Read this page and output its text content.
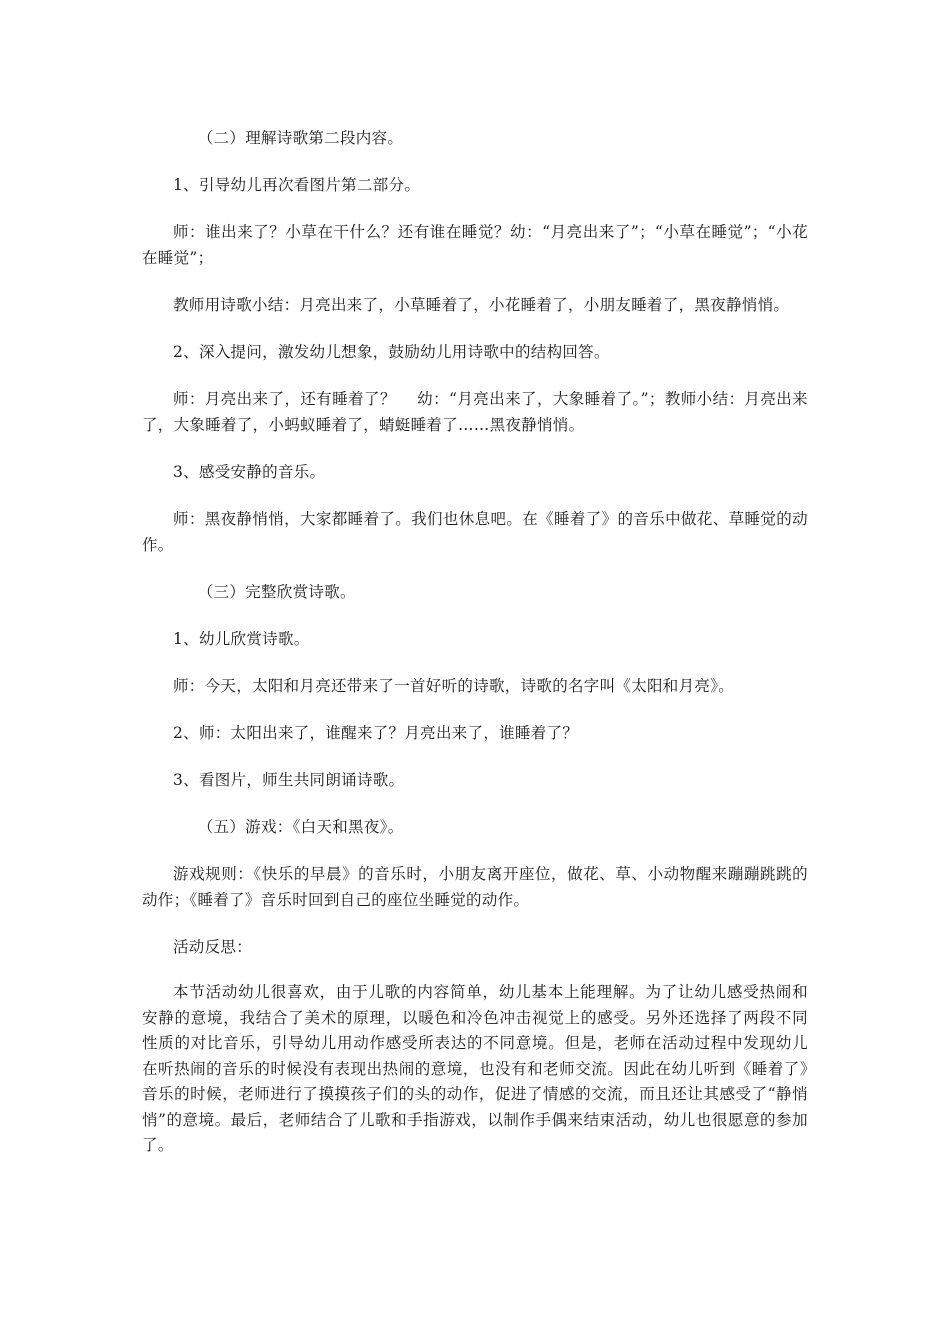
（二）理解诗歌第二段内容。

1、引导幼儿再次看图片第二部分。

师：谁出来了？小草在干什么？还有谁在睡觉？幼：“月亮出来了”；“小草在睡觉”；“小花在睡觉”；

教师用诗歌小结：月亮出来了，小草睡着了，小花睡着了，小朋友睡着了，黑夜静悄悄。

2、深入提问，激发幼儿想象，鼓励幼儿用诗歌中的结构回答。

师：月亮出来了，还有睡着了？　 幼：“月亮出来了，大象睡着了。”；教师小结：月亮出来了，大象睡着了，小蚂蚁睡着了，蜻蜓睡着了……黑夜静悄悄。

3、感受安静的音乐。

师：黑夜静悄悄，大家都睡着了。我们也休息吧。在《睡着了》的音乐中做花、草睡觉的动作。

（三）完整欣赏诗歌。

1、幼儿欣赏诗歌。

师：今天，太阳和月亮还带来了一首好听的诗歌，诗歌的名字叫《太阳和月亮》。

2、师：太阳出来了，谁醒来了？月亮出来了，谁睡着了？

3、看图片，师生共同朗诵诗歌。

（五）游戏：《白天和黑夜》。

游戏规则：《快乐的早晨》的音乐时，小朋友离开座位，做花、草、小动物醒来蹦蹦跳跳的动作；《睡着了》音乐时回到自己的座位坐睡觉的动作。

活动反思：

本节活动幼儿很喜欢，由于儿歌的内容简单，幼儿基本上能理解。为了让幼儿感受热闹和安静的意境，我结合了美术的原理，以暖色和冷色冲击视觉上的感受。另外还选择了两段不同性质的对比音乐，引导幼儿用动作感受所表达的不同意境。但是，老师在活动过程中发现幼儿在听热闹的音乐的时候没有表现出热闹的意境，也没有和老师交流。因此在幼儿听到《睡着了》音乐的时候，老师进行了摸摸孩子们的头的动作，促进了情感的交流，而且还让其感受了“静悄悄”的意境。最后，老师结合了儿歌和手指游戏，以制作手偶来结束活动，幼儿也很愿意的参加了。
